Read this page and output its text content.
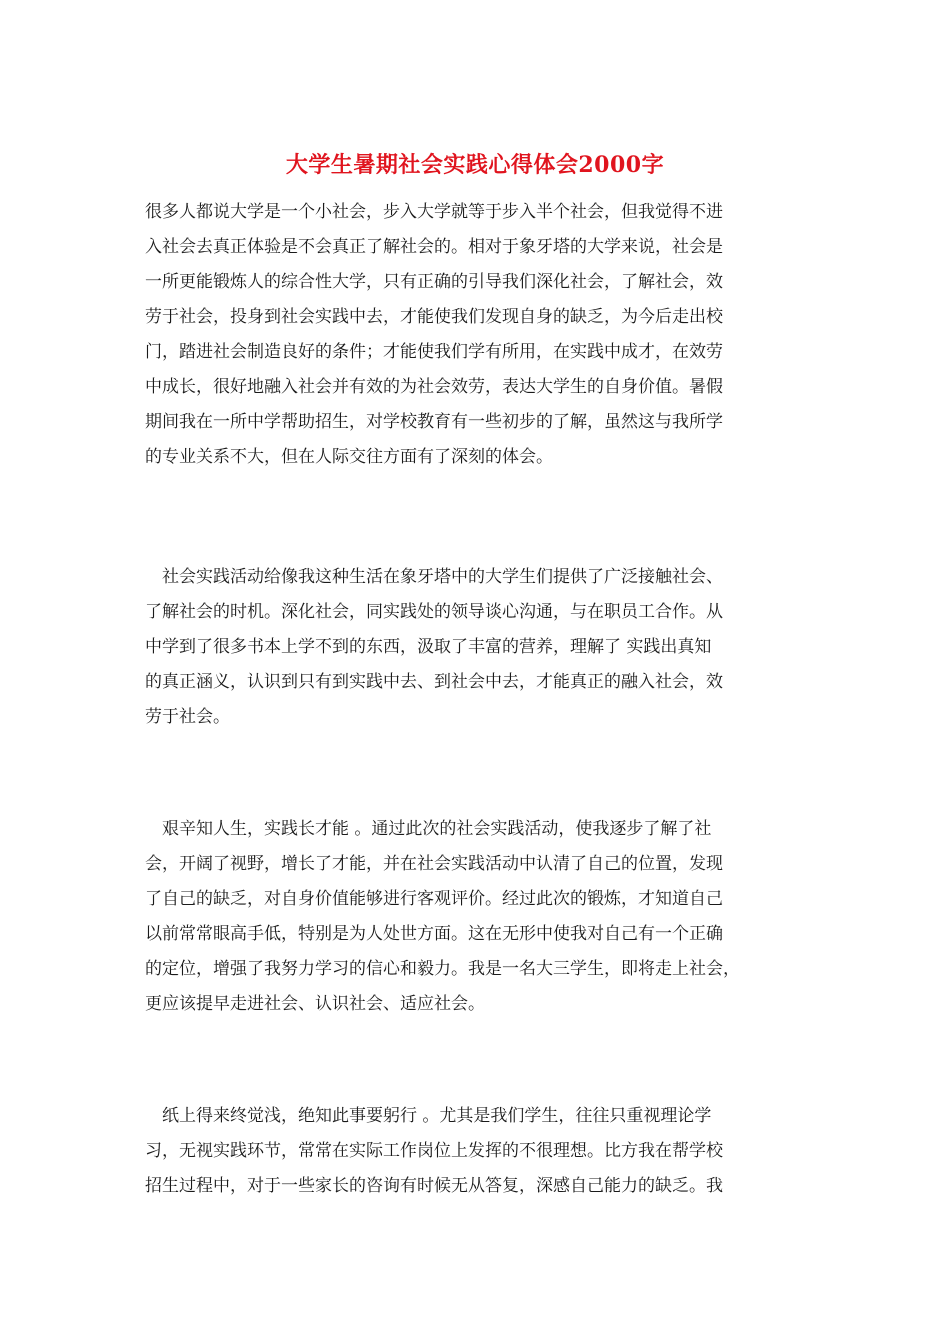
大学生暑期社会实践心得体会2000字
很多人都说大学是一个小社会，步入大学就等于步入半个社会，但我觉得不进
入社会去真正体验是不会真正了解社会的。相对于象牙塔的大学来说，社会是
一所更能锻炼人的综合性大学，只有正确的引导我们深化社会，了解社会，效
劳于社会，投身到社会实践中去，才能使我们发现自身的缺乏，为今后走出校
门，踏进社会制造良好的条件；才能使我们学有所用，在实践中成才，在效劳
中成长，很好地融入社会并有效的为社会效劳，表达大学生的自身价值。暑假
期间我在一所中学帮助招生，对学校教育有一些初步的了解，虽然这与我所学
的专业关系不大，但在人际交往方面有了深刻的体会。
　社会实践活动给像我这种生活在象牙塔中的大学生们提供了广泛接触社会、
了解社会的时机。深化社会，同实践处的领导谈心沟通，与在职员工合作。从
中学到了很多书本上学不到的东西，汲取了丰富的营养，理解了 实践出真知
的真正涵义，认识到只有到实践中去、到社会中去，才能真正的融入社会，效
劳于社会。
　艰辛知人生，实践长才能 。通过此次的社会实践活动，使我逐步了解了社
会，开阔了视野，增长了才能，并在社会实践活动中认清了自己的位置，发现
了自己的缺乏，对自身价值能够进行客观评价。经过此次的锻炼，才知道自己
以前常常眼高手低，特别是为人处世方面。这在无形中使我对自己有一个正确
的定位，增强了我努力学习的信心和毅力。我是一名大三学生，即将走上社会，
更应该提早走进社会、认识社会、适应社会。
　纸上得来终觉浅，绝知此事要躬行 。尤其是我们学生，往往只重视理论学
习，无视实践环节，常常在实际工作岗位上发挥的不很理想。比方我在帮学校
招生过程中，对于一些家长的咨询有时候无从答复，深感自己能力的缺乏。我
